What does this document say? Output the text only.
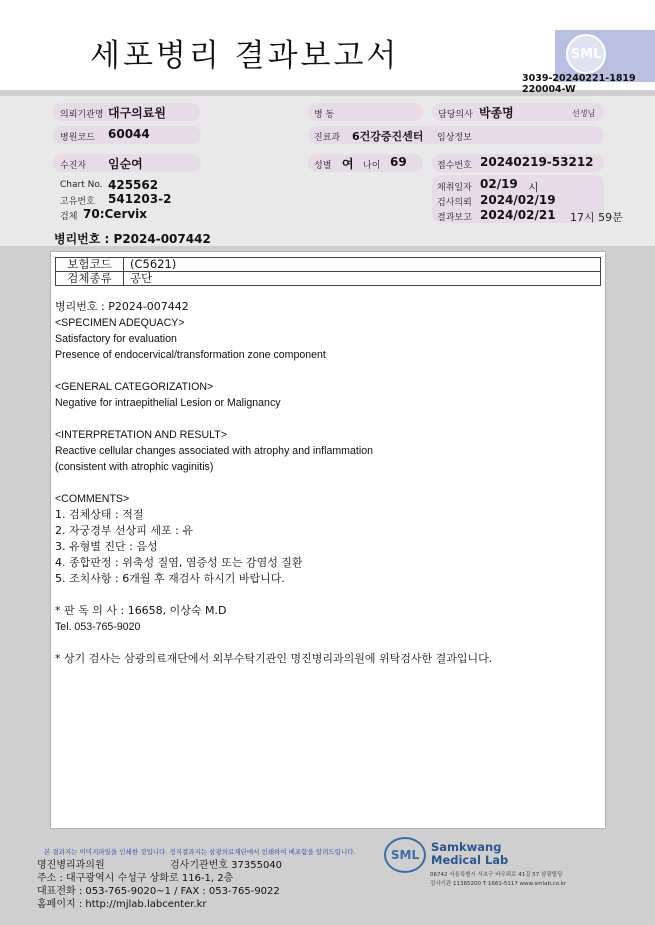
세포병리 결과보고서	SML
3039-20240221-1819
220004-W
의뢰기관명 대구의료원	병 동	담당의사 박종명	선생님
병원코드 60044	진료과 6건강증진센터 임상정보
수진자 임순여	성별 여 나이 69	접수번호 20240219-53212
Chart No. 425562
고유번호 541203-2
검체 70:Cervix
채취일자 02/19 시
검사의뢰 2024/02/19
결과보고 2024/02/21 17시 59분
병리번호 : P2024-007442
보험코드	(C5621)
검체종류	공단
병리번호 : P2024-007442
<SPECIMEN ADEQUACY>
Satisfactory for evaluation
Presence of endocervical/transformation zone component
<GENERAL CATEGORIZATION>
Negative for intraepithelial Lesion or Malignancy
<INTERPRETATION AND RESULT>
Reactive cellular changes associated with atrophy and inflammation
(consistent with atrophic vaginitis)
<COMMENTS>
1. 검체상태 : 적절
2. 자궁경부 선상피 세포 : 유
3. 유형별 진단 : 음성
4. 종합판정 : 위축성 질염, 염증성 또는 감염성 질환
5. 조치사항 : 6개월 후 재검사 하시기 바랍니다.
* 판 독 의 사 : 16658, 이상숙 M.D
Tel. 053-765-9020
* 상기 검사는 삼광의료재단에서 외부수탁기관인 명진병리과의원에 위탁검사한 결과입니다.
본 결과지는 이미지파일을 인쇄한 것입니다. 정식결과지는 삼광의료재단에서 인쇄하여 배포함을 알려드립니다.
명진병리과의원	검사기관번호 37355040
주소 : 대구광역시 수성구 상화로 116-1, 2층
대표전화 : 053-765-9020~1 / FAX : 053-765-9022
홈페이지 : http://mjlab.labcenter.kr
SML
Samkwang
Medical Lab
06742 서울특별시 서초구 바우뫼로 41길 57 삼광빌딩
검사기관 11365200 T 1661-5117 www.smlab.co.kr
